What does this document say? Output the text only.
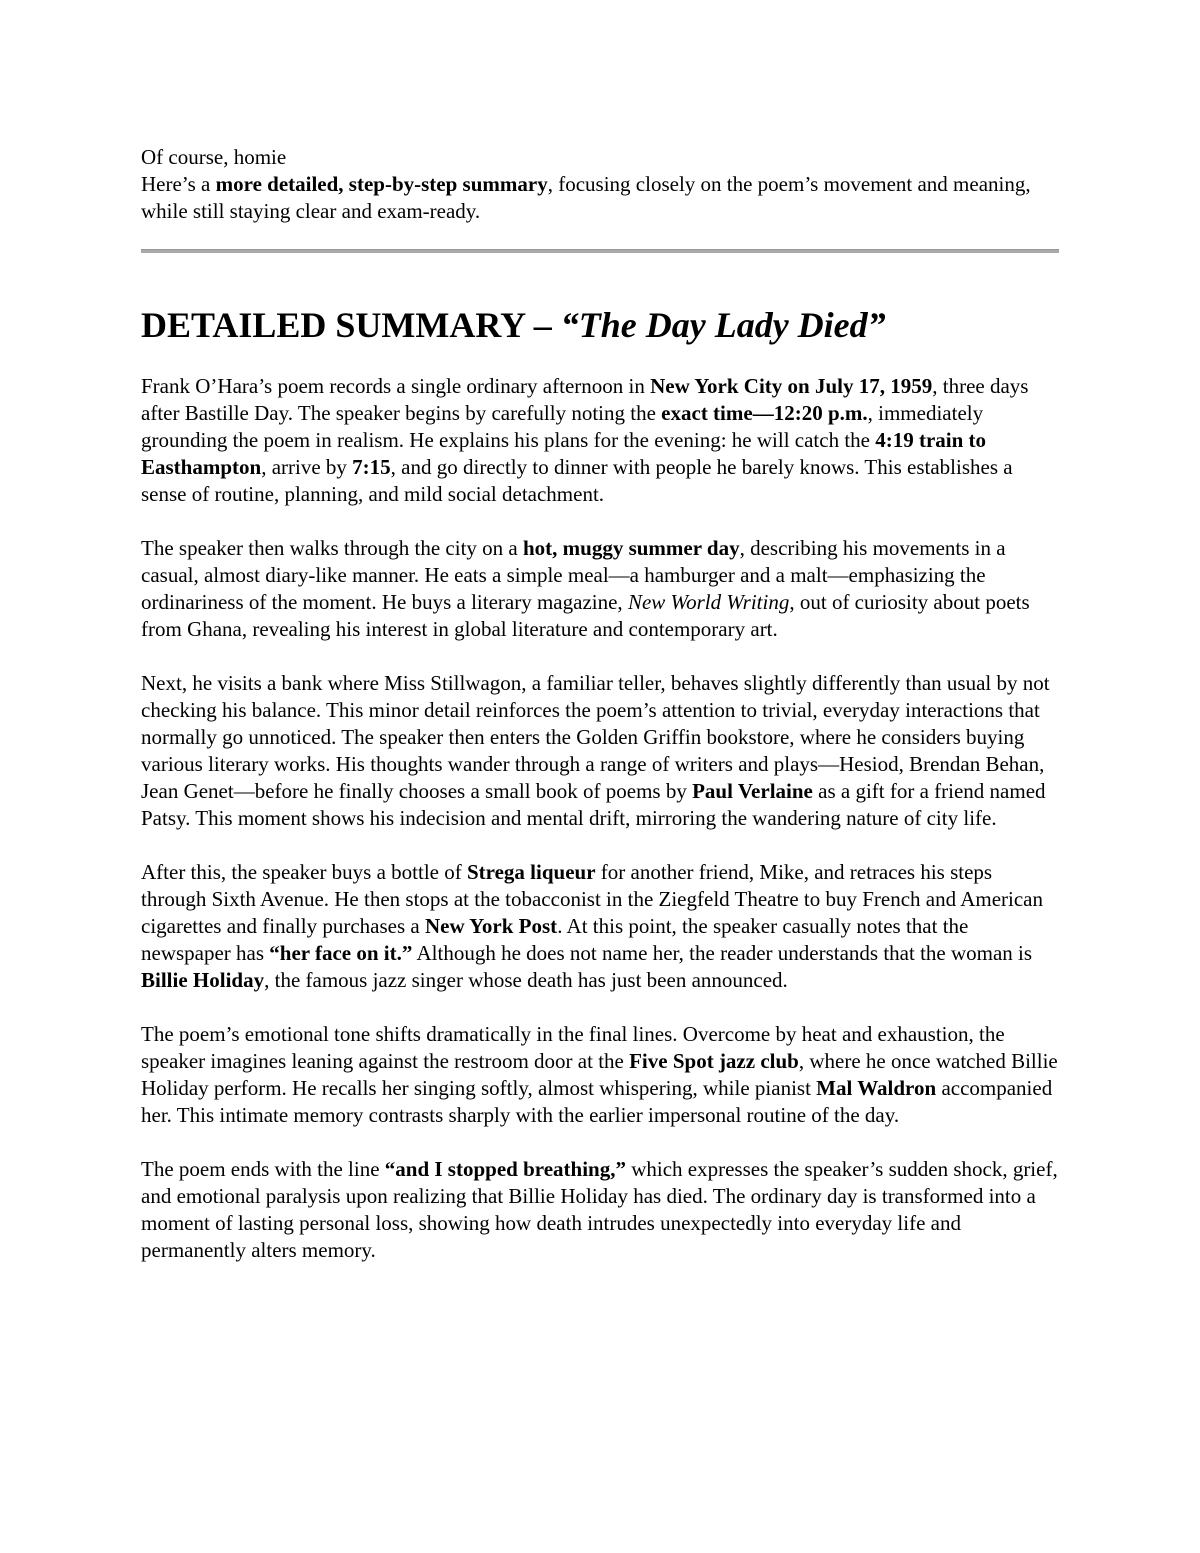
Of course, homie

Here’s a more detailed, step-by-step summary, focusing closely on the poem’s movement and meaning, while still staying clear and exam-ready.

DETAILED SUMMARY – “The Day Lady Died”

Frank O’Hara’s poem records a single ordinary afternoon in New York City on July 17, 1959, three days after Bastille Day. The speaker begins by carefully noting the exact time—12:20 p.m., immediately grounding the poem in realism. He explains his plans for the evening: he will catch the 4:19 train to Easthampton, arrive by 7:15, and go directly to dinner with people he barely knows. This establishes a sense of routine, planning, and mild social detachment.

The speaker then walks through the city on a hot, muggy summer day, describing his movements in a casual, almost diary-like manner. He eats a simple meal—a hamburger and a malt—emphasizing the ordinariness of the moment. He buys a literary magazine, New World Writing, out of curiosity about poets from Ghana, revealing his interest in global literature and contemporary art.

Next, he visits a bank where Miss Stillwagon, a familiar teller, behaves slightly differently than usual by not checking his balance. This minor detail reinforces the poem’s attention to trivial, everyday interactions that normally go unnoticed. The speaker then enters the Golden Griffin bookstore, where he considers buying various literary works. His thoughts wander through a range of writers and plays—Hesiod, Brendan Behan, Jean Genet—before he finally chooses a small book of poems by Paul Verlaine as a gift for a friend named Patsy. This moment shows his indecision and mental drift, mirroring the wandering nature of city life.

After this, the speaker buys a bottle of Strega liqueur for another friend, Mike, and retraces his steps through Sixth Avenue. He then stops at the tobacconist in the Ziegfeld Theatre to buy French and American cigarettes and finally purchases a New York Post. At this point, the speaker casually notes that the newspaper has “her face on it.” Although he does not name her, the reader understands that the woman is Billie Holiday, the famous jazz singer whose death has just been announced.

The poem’s emotional tone shifts dramatically in the final lines. Overcome by heat and exhaustion, the speaker imagines leaning against the restroom door at the Five Spot jazz club, where he once watched Billie Holiday perform. He recalls her singing softly, almost whispering, while pianist Mal Waldron accompanied her. This intimate memory contrasts sharply with the earlier impersonal routine of the day.

The poem ends with the line “and I stopped breathing,” which expresses the speaker’s sudden shock, grief, and emotional paralysis upon realizing that Billie Holiday has died. The ordinary day is transformed into a moment of lasting personal loss, showing how death intrudes unexpectedly into everyday life and permanently alters memory.
